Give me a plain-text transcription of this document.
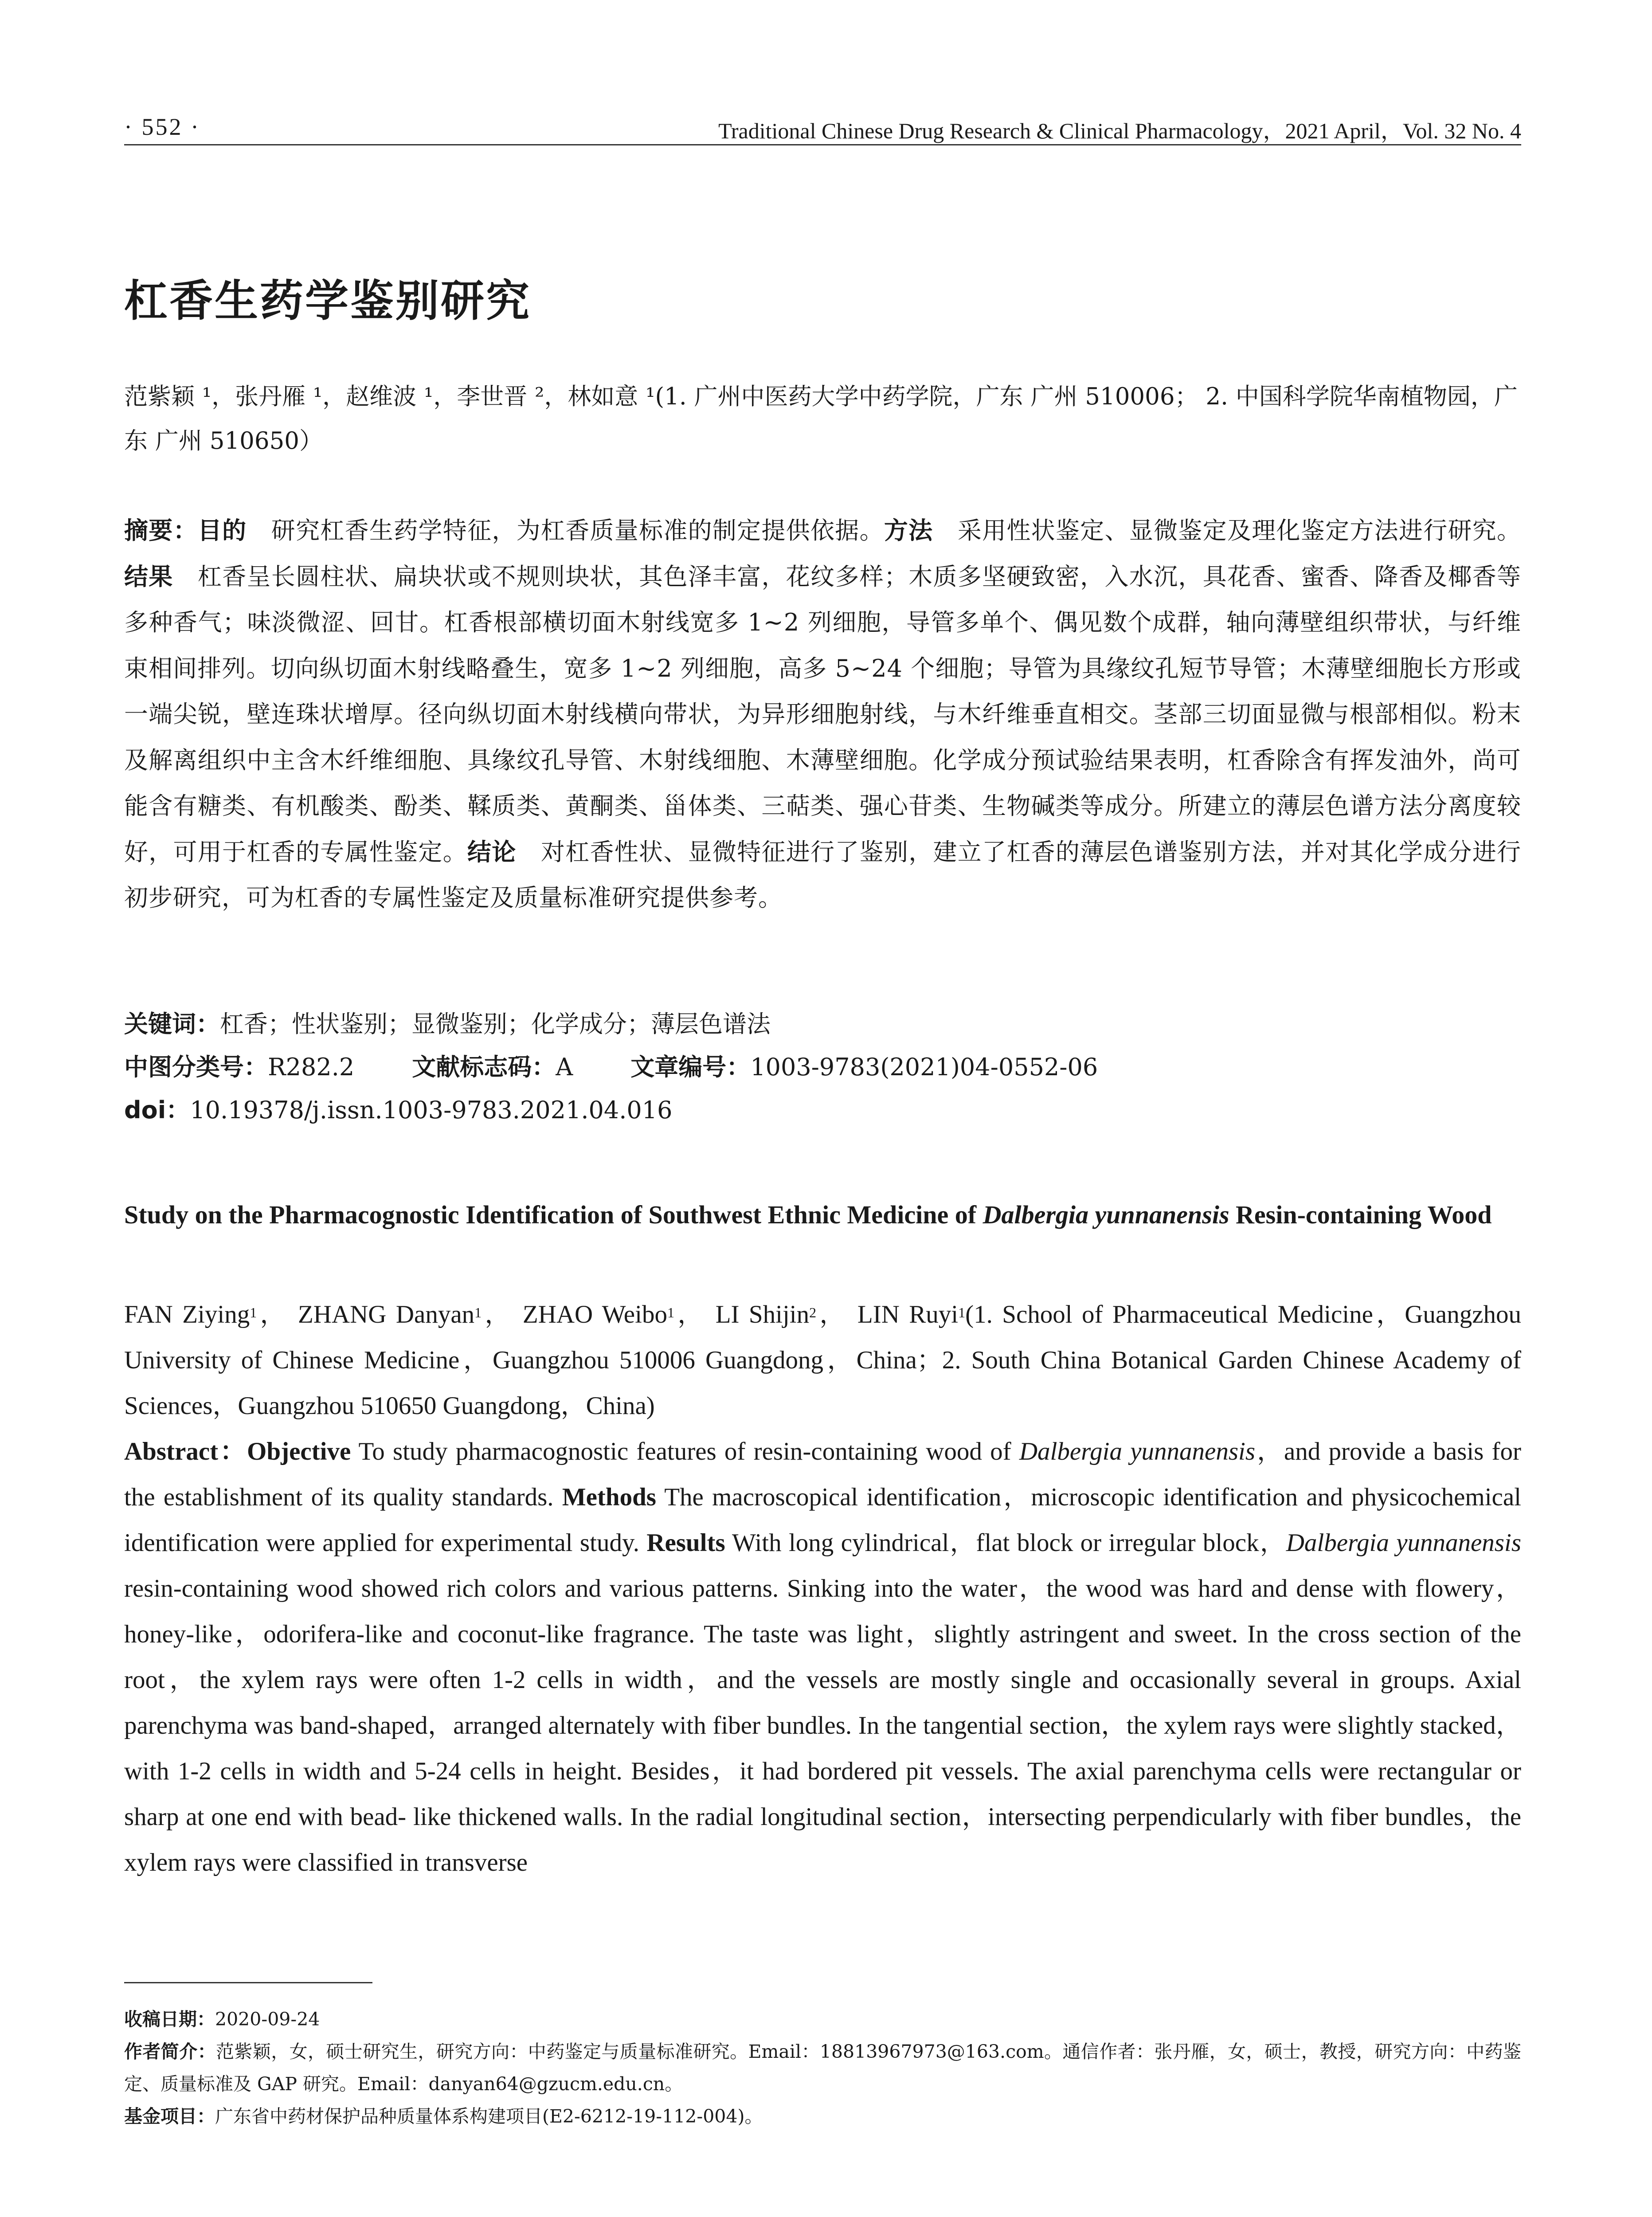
· 552 ·	Traditional Chinese Drug Research & Clinical Pharmacology，2021 April，Vol. 32 No. 4
杠香生药学鉴别研究
范紫颖 ¹，张丹雁 ¹，赵维波 ¹，李世晋 ²，林如意 ¹(1. 广州中医药大学中药学院，广东 广州 510006； 2. 中国科学院华南植物园，广东 广州 510650）
摘要：目的 研究杠香生药学特征，为杠香质量标准的制定提供依据。方法 采用性状鉴定、显微鉴定及理化鉴定方法进行研究。结果 杠香呈长圆柱状、扁块状或不规则块状，其色泽丰富，花纹多样；木质多坚硬致密，入水沉，具花香、蜜香、降香及椰香等多种香气；味淡微涩、回甘。杠香根部横切面木射线宽多 1~2 列细胞，导管多单个、偶见数个成群，轴向薄壁组织带状，与纤维束相间排列。切向纵切面木射线略叠生，宽多 1~2 列细胞，高多 5~24 个细胞；导管为具缘纹孔短节导管；木薄壁细胞长方形或一端尖锐，壁连珠状增厚。径向纵切面木射线横向带状，为异形细胞射线，与木纤维垂直相交。茎部三切面显微与根部相似。粉末及解离组织中主含木纤维细胞、具缘纹孔导管、木射线细胞、木薄壁细胞。化学成分预试验结果表明，杠香除含有挥发油外，尚可能含有糖类、有机酸类、酚类、鞣质类、黄酮类、甾体类、三萜类、强心苷类、生物碱类等成分。所建立的薄层色谱方法分离度较好，可用于杠香的专属性鉴定。结论 对杠香性状、显微特征进行了鉴别，建立了杠香的薄层色谱鉴别方法，并对其化学成分进行初步研究，可为杠香的专属性鉴定及质量标准研究提供参考。
关键词：杠香；性状鉴别；显微鉴别；化学成分；薄层色谱法
中图分类号：R282.2 文献标志码：A 文章编号：1003-9783(2021)04-0552-06
doi：10.19378/j.issn.1003-9783.2021.04.016
Study on the Pharmacognostic Identification of Southwest Ethnic Medicine of Dalbergia yunnanensis Resin-containing Wood
FAN Ziying$^1$， ZHANG Danyan$^1$， ZHAO Weibo$^1$， LI Shijin$^2$， LIN Ruyi$^1$(1. School of Pharmaceutical Medicine，Guangzhou University of Chinese Medicine，Guangzhou 510006 Guangdong，China；2. South China Botanical Garden Chinese Academy of Sciences，Guangzhou 510650 Guangdong，China)
Abstract：Objective To study pharmacognostic features of resin-containing wood of Dalbergia yunnanensis，and provide a basis for the establishment of its quality standards. Methods The macroscopical identification，microscopic identification and physicochemical identification were applied for experimental study. Results With long cylindrical，flat block or irregular block，Dalbergia yunnanensis resin-containing wood showed rich colors and various patterns. Sinking into the water，the wood was hard and dense with flowery，honey-like，odorifera-like and coconut-like fragrance. The taste was light，slightly astringent and sweet. In the cross section of the root，the xylem rays were often 1-2 cells in width，and the vessels are mostly single and occasionally several in groups. Axial parenchyma was band-shaped，arranged alternately with fiber bundles. In the tangential section，the xylem rays were slightly stacked，with 1-2 cells in width and 5-24 cells in height. Besides，it had bordered pit vessels. The axial parenchyma cells were rectangular or sharp at one end with bead- like thickened walls. In the radial longitudinal section，intersecting perpendicularly with fiber bundles，the xylem rays were classified in transverse
收稿日期：2020-09-24
作者简介：范紫颖，女，硕士研究生，研究方向：中药鉴定与质量标准研究。Email：18813967973@163.com。通信作者：张丹雁，女，硕士，教授，研究方向：中药鉴定、质量标准及 GAP 研究。Email：danyan64@gzucm.edu.cn。
基金项目：广东省中药材保护品种质量体系构建项目(E2-6212-19-112-004)。
